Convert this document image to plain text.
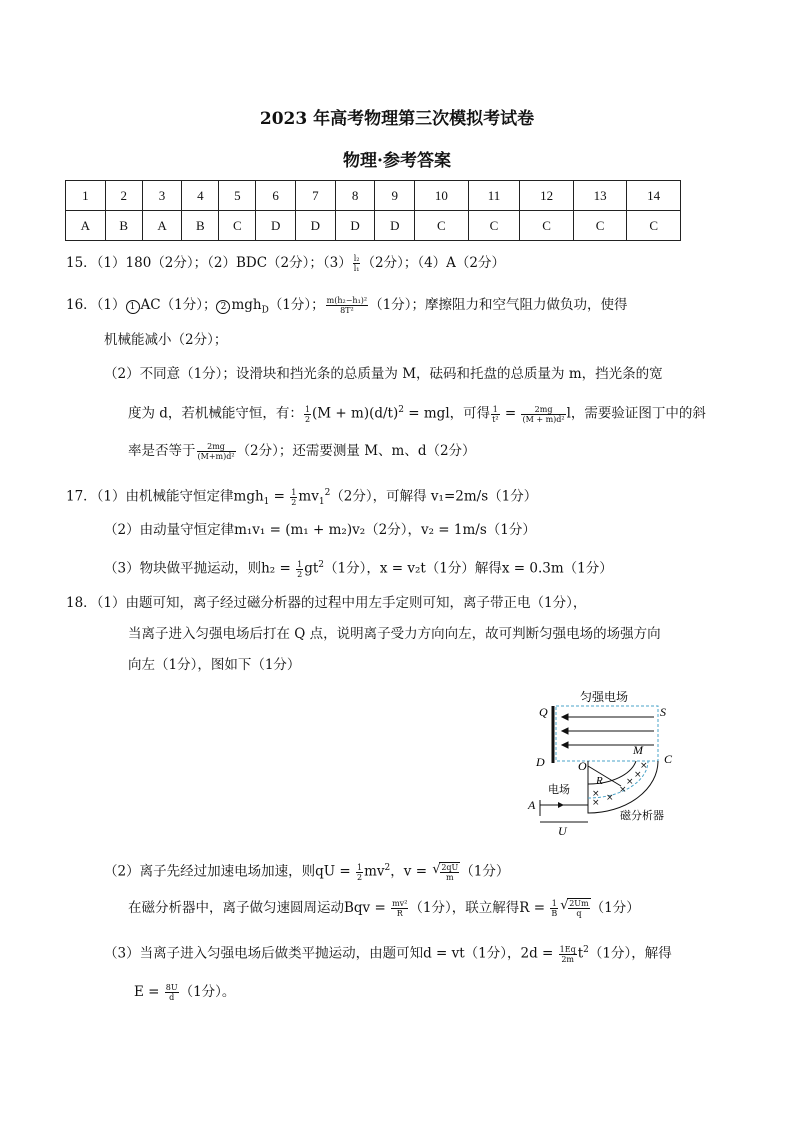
2023 年高考物理第三次模拟考试卷
物理·参考答案
1	2	3	4	5	6	7	8	9	10	11	12	13	14
A	B	A	B	C	D	D	D	D	C	C	C	C	C
15．（1）180（2分）；（2）BDC（2分）；$(3) \frac{\text{l₂}}{\text{l₁}} (2$分）；（4）A（2分）
16．（1） 1 AC（1分）； 2 mgh$_D$（1分）； $\frac{\text{m(h₂−h₁)²}}{\text{8T²}} (1$分）；摩擦阻力和空气阻力做负功，使得
机械能减小（2分）；
（2）不同意（1分）；设滑块和挡光条的总质量为 M，砝码和托盘的总质量为 m，挡光条的宽
度为 d，若机械能守恒，有： $\frac{1}{2} (M + m)(d/t)^2$ = mgl，可得 $\frac{1}{\text{t²}} = \frac{2mg}{\text{(M + m)d²}}$ l，需要验证图丁中的斜
率是否等于 $\frac{2mg}{\text{(M+m)d²}} (2$分）；还需要测量 M、m、d（2分）
17．（1）由机械能守恒定律$mgh_1 = \frac{1}{2} mv_1^2(2$分），可解得 v₁=2m/s（1分）
（2）由动量守恒定律m₁v₁ = (m₁ + m₂)v₂（2分），v₂ = 1m/s（1分）
（3）物块做平抛运动，则$h_2 = \frac{1}{2} gt^2(1$分），x = v₂t（1分）解得x = 0.3m（1分）
18．（1）由题可知，离子经过磁分析器的过程中用左手定则可知，离子带正电（1分），
当离子进入匀强电场后打在 Q 点，说明离子受力方向向左，故可判断匀强电场的场强方向
向左（1分），图如下（1分）
匀强电场
Q	S
D	O
M
C
R
×
× ×
×
×
×
×
电场
A
U
磁分析器
（2）离子先经过加速电场加速，则qU = $\frac{1}{2} mv^2$，v = √ $\frac{2qU}{m} (1$分）
在磁分析器中，离子做匀速圆周运动Bqv = $\frac{\text{mv²}}{R} (1$分），联立解得$R = \frac{1}{B}$ √ $\frac{2Um}{q} (1$分）
（3）当离子进入匀强电场后做类平抛运动，由题可知d = vt（1分），$2d = \frac{1Eq}{2m} t^2(1$分），解得
$E = \frac{8U}{d} (1$分）。
